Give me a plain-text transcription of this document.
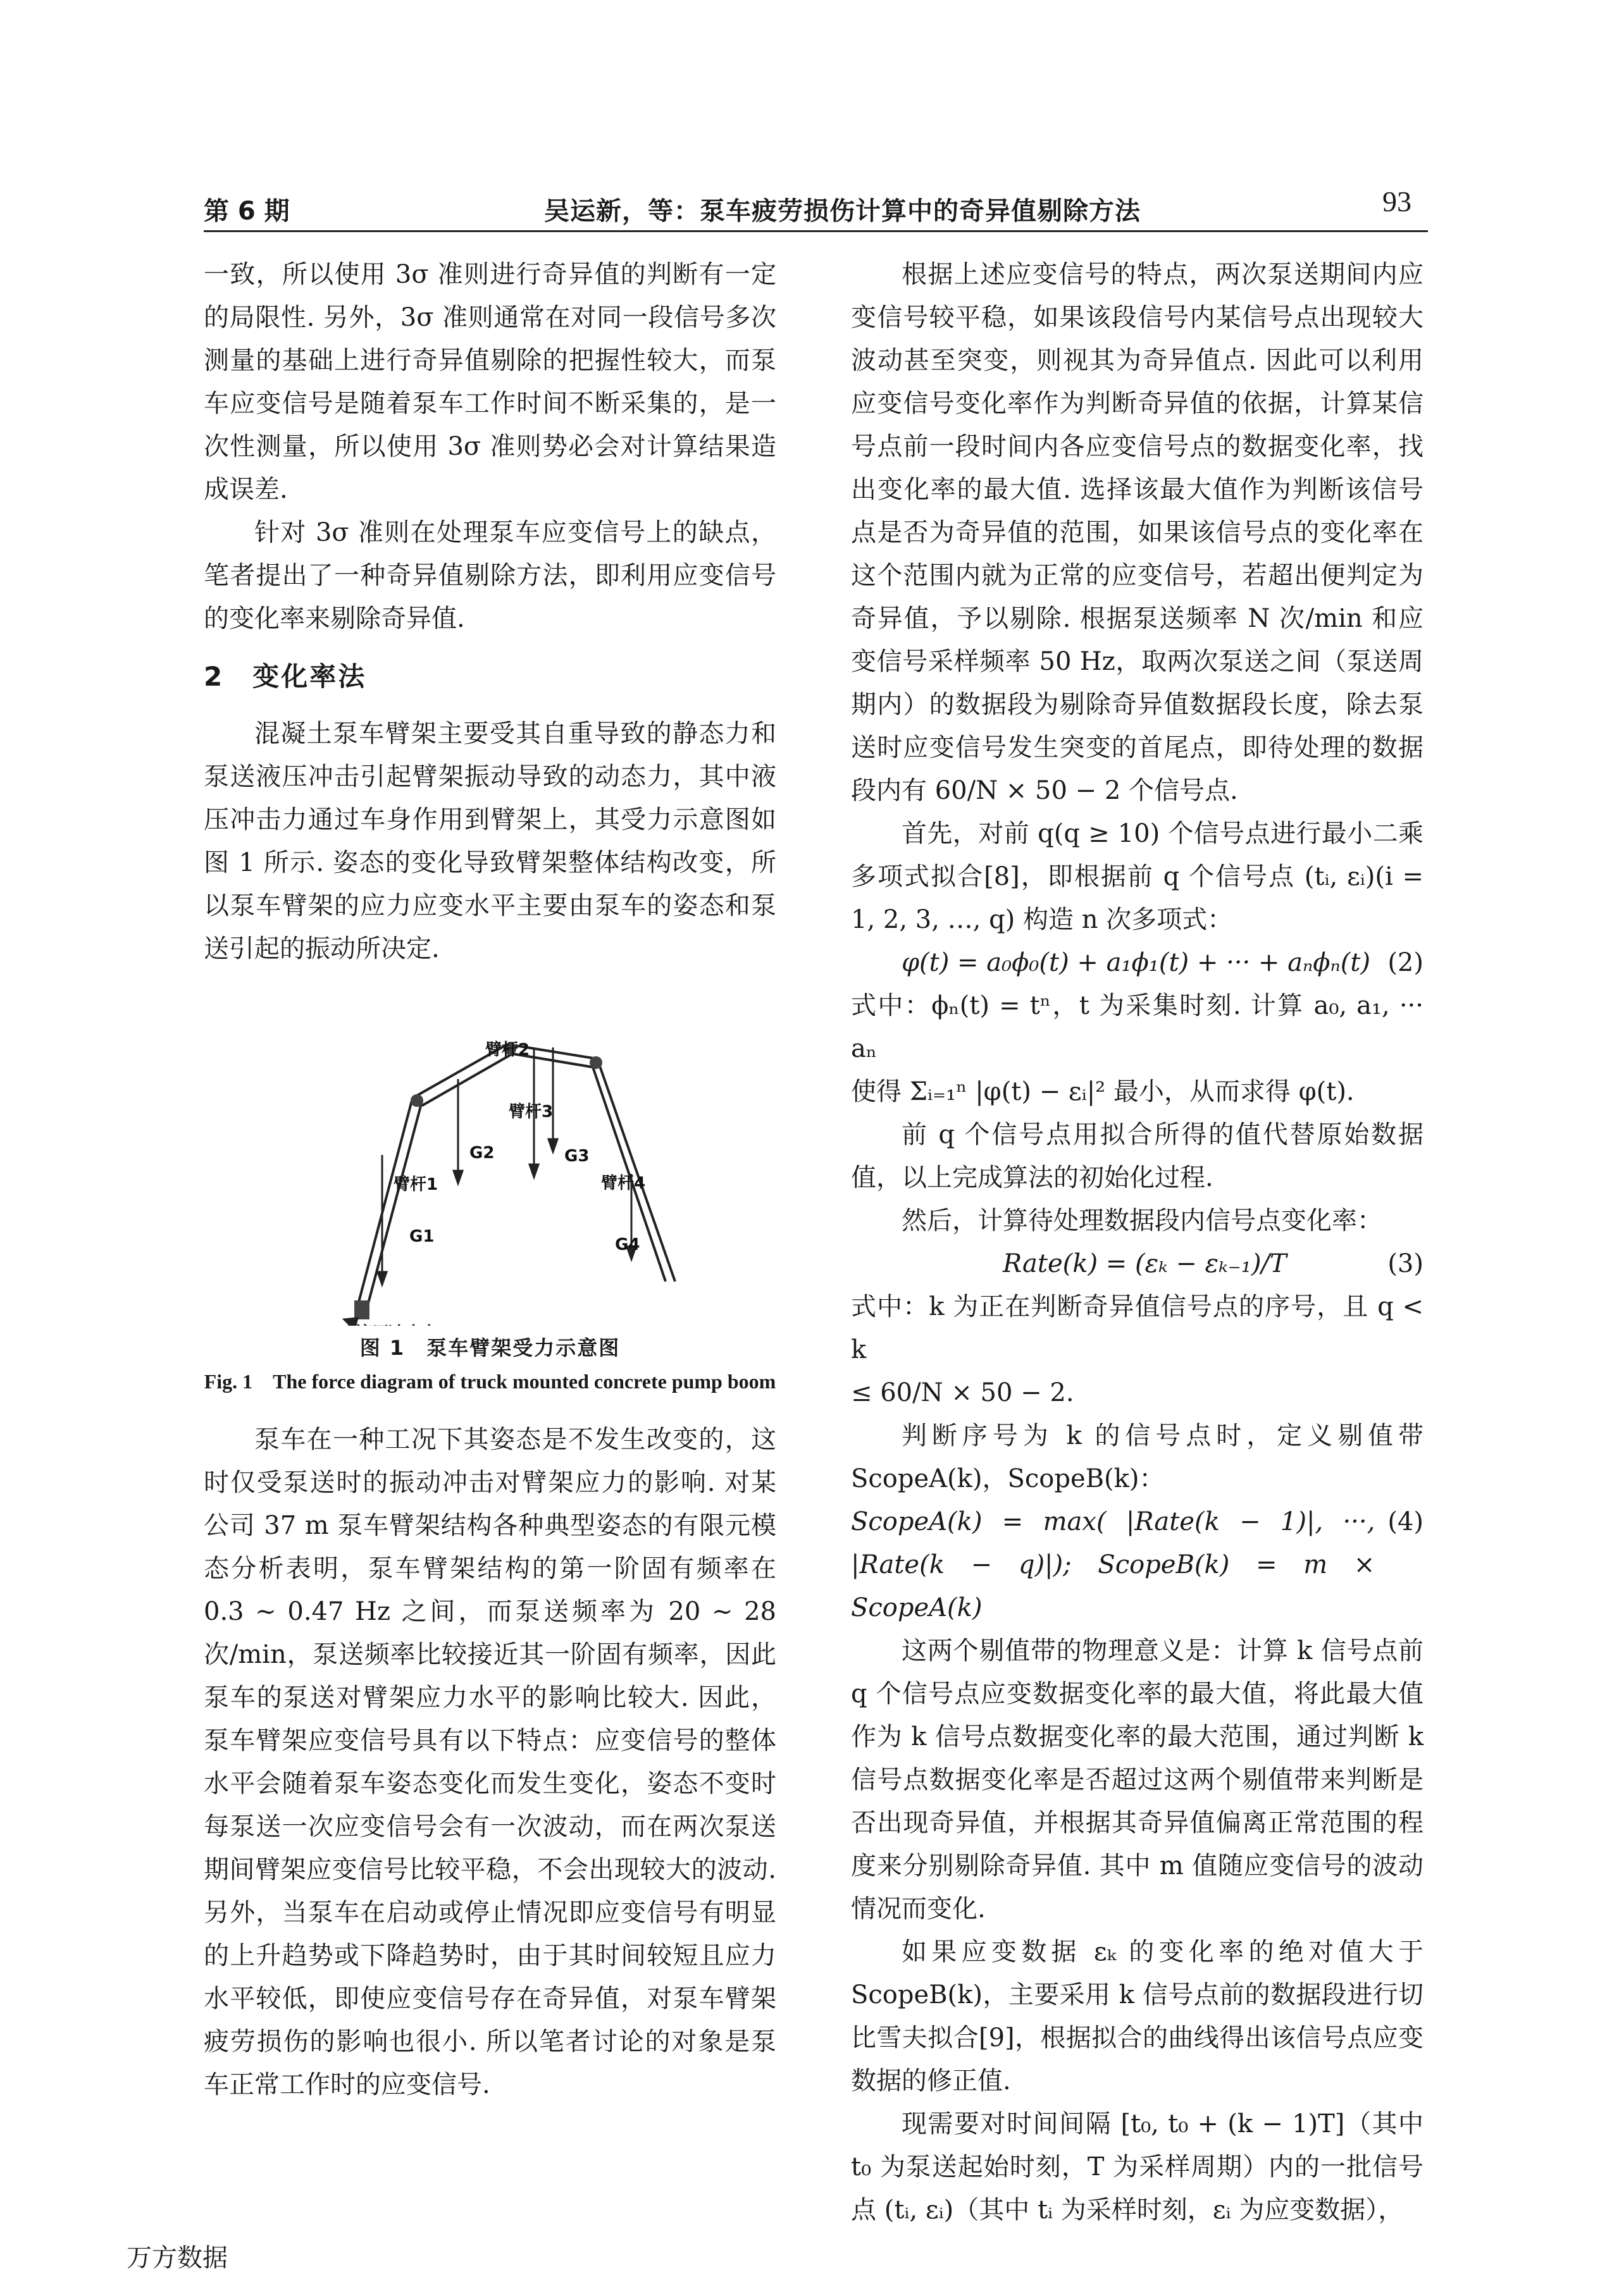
第 6 期	吴运新，等：泵车疲劳损伤计算中的奇异值剔除方法	93

一致，所以使用 3σ 准则进行奇异值的判断有一定的局限性. 另外，3σ 准则通常在对同一段信号多次测量的基础上进行奇异值剔除的把握性较大，而泵车应变信号是随着泵车工作时间不断采集的，是一次性测量，所以使用 3σ 准则势必会对计算结果造成误差.

针对 3σ 准则在处理泵车应变信号上的缺点，笔者提出了一种奇异值剔除方法，即利用应变信号的变化率来剔除奇异值.

2　变化率法

混凝土泵车臂架主要受其自重导致的静态力和泵送液压冲击引起臂架振动导致的动态力，其中液压冲击力通过车身作用到臂架上，其受力示意图如图 1 所示. 姿态的变化导致臂架整体结构改变，所以泵车臂架的应力应变水平主要由泵车的姿态和泵送引起的振动所决定.

臂杆1
臂杆2
臂杆3
臂杆4
G1
G2	G3
G4

图 1　泵车臂架受力示意图

Fig. 1　The force diagram of truck mounted concrete pump boom

泵车在一种工况下其姿态是不发生改变的，这时仅受泵送时的振动冲击对臂架应力的影响. 对某公司 37 m 泵车臂架结构各种典型姿态的有限元模态分析表明，泵车臂架结构的第一阶固有频率在 0.3 ~ 0.47 Hz 之间，而泵送频率为 20 ~ 28 次/min，泵送频率比较接近其一阶固有频率，因此泵车的泵送对臂架应力水平的影响比较大. 因此，泵车臂架应变信号具有以下特点：应变信号的整体水平会随着泵车姿态变化而发生变化，姿态不变时每泵送一次应变信号会有一次波动，而在两次泵送期间臂架应变信号比较平稳，不会出现较大的波动. 另外，当泵车在启动或停止情况即应变信号有明显的上升趋势或下降趋势时，由于其时间较短且应力水平较低，即使应变信号存在奇异值，对泵车臂架疲劳损伤的影响也很小. 所以笔者讨论的对象是泵车正常工作时的应变信号.

根据上述应变信号的特点，两次泵送期间内应变信号较平稳，如果该段信号内某信号点出现较大波动甚至突变，则视其为奇异值点. 因此可以利用应变信号变化率作为判断奇异值的依据，计算某信号点前一段时间内各应变信号点的数据变化率，找出变化率的最大值. 选择该最大值作为判断该信号点是否为奇异值的范围，如果该信号点的变化率在这个范围内就为正常的应变信号，若超出便判定为奇异值，予以剔除. 根据泵送频率 N 次/min 和应变信号采样频率 50 Hz，取两次泵送之间（泵送周期内）的数据段为剔除奇异值数据段长度，除去泵送时应变信号发生突变的首尾点，即待处理的数据段内有 60/N × 50 − 2 个信号点.

首先，对前 q(q ≥ 10) 个信号点进行最小二乘多项式拟合[8]，即根据前 q 个信号点 (tᵢ, εᵢ)(i = 1, 2, 3, …, q) 构造 n 次多项式：

φ(t) = a₀ϕ₀(t) + a₁ϕ₁(t) + ··· + aₙϕₙ(t) (2)

式中：ϕₙ(t) = tⁿ，t 为采集时刻. 计算 a₀, a₁, ··· aₙ

使得 Σᵢ₌₁ⁿ |φ(t) − εᵢ|² 最小，从而求得 φ(t).

前 q 个信号点用拟合所得的值代替原始数据值，以上完成算法的初始化过程.

然后，计算待处理数据段内信号点变化率：

Rate(k) = (εₖ − εₖ₋₁)/T	(3)

式中：k 为正在判断奇异值信号点的序号，且 q < k

≤ 60/N × 50 − 2.

判断序号为 k 的信号点时，定义剔值带 ScopeA(k)，ScopeB(k)：

ScopeA(k) = max( |Rate(k − 1)|, ···, |Rate(k − q)|); ScopeB(k) = m × ScopeA(k)
(4)

这两个剔值带的物理意义是：计算 k 信号点前 q 个信号点应变数据变化率的最大值，将此最大值作为 k 信号点数据变化率的最大范围，通过判断 k 信号点数据变化率是否超过这两个剔值带来判断是否出现奇异值，并根据其奇异值偏离正常范围的程度来分别剔除奇异值. 其中 m 值随应变信号的波动情况而变化.

如果应变数据 εₖ 的变化率的绝对值大于 ScopeB(k)，主要采用 k 信号点前的数据段进行切比雪夫拟合[9]，根据拟合的曲线得出该信号点应变数据的修正值.

现需要对时间间隔 [t₀, t₀ + (k − 1)T]（其中 t₀ 为泵送起始时刻，T 为采样周期）内的一批信号点 (tᵢ, εᵢ)（其中 tᵢ 为采样时刻，εᵢ 为应变数据），

万方数据
